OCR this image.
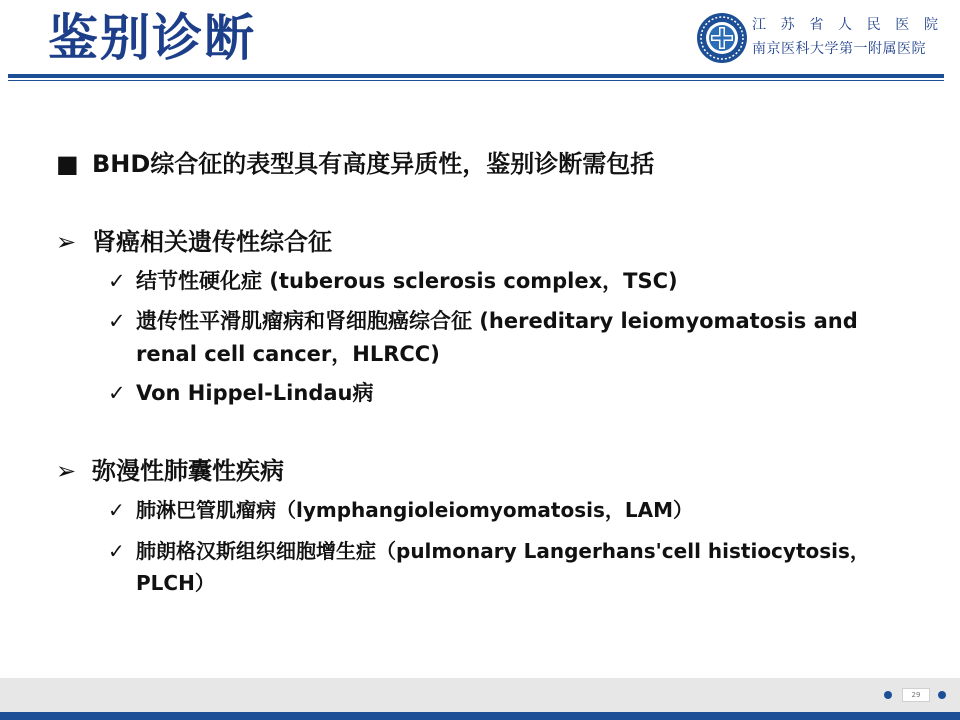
鉴别诊断	江 苏 省 人 民 医 院
南京医科大学第一附属医院
■ BHD综合征的表型具有高度异质性，鉴别诊断需包括
➢ 肾癌相关遗传性综合征
✓ 结节性硬化症 (tuberous sclerosis complex，TSC)
✓ 遗传性平滑肌瘤病和肾细胞癌综合征 (hereditary leiomyomatosis and
renal cell cancer，HLRCC)
✓ Von Hippel-Lindau病
➢ 弥漫性肺囊性疾病
✓ 肺淋巴管肌瘤病（lymphangioleiomyomatosis，LAM）
✓ 肺朗格汉斯组织细胞增生症（pulmonary Langerhans'cell histiocytosis，
PLCH）
29
